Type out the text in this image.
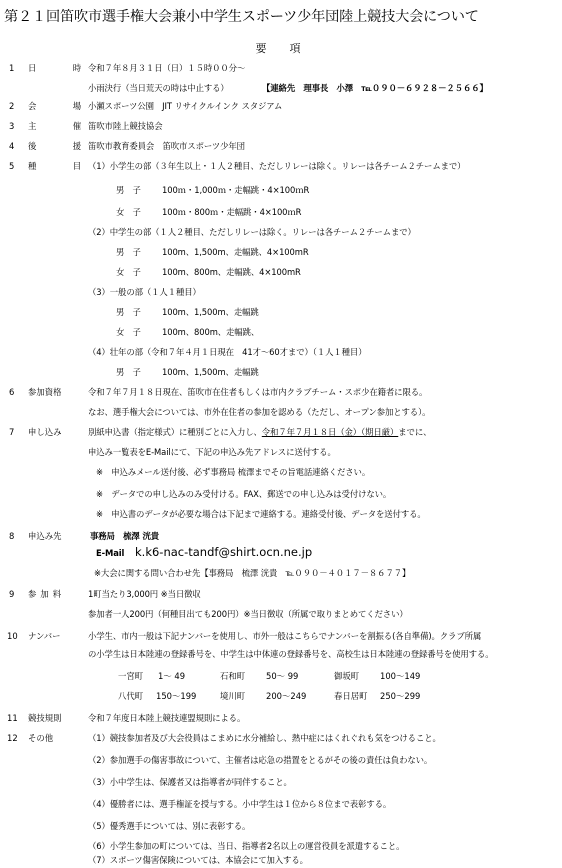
第２１回笛吹市選手権大会兼小中学生スポーツ少年団陸上競技大会について
要　項
1 日　時
令和７年８月３１日（日）１５時００分～
小雨決行（当日荒天の時は中止する）	【連絡先　理事長　小澤　℡０９０－６９２８－２５６６】
2 会　場
小瀬スポーツ公園　JIT リサイクルインク スタジアム
3 主　催
笛吹市陸上競技協会
4 後　援
笛吹市教育委員会　笛吹市スポーツ少年団
5 種　目
（1）小学生の部（３年生以上・１人２種目、ただしリレーは除く。リレーは各チーム２チームまで）
男　子	100ｍ・1,000ｍ・走幅跳・4×100ｍR
女　子	100ｍ・800ｍ・走幅跳・4×100ｍR
（2）中学生の部（１人２種目、ただしリレーは除く。リレーは各チーム２チームまで）
男　子	100m、1,500m、走幅跳、4×100mR
女　子	100m、800m、走幅跳、4×100mR
（3）一般の部（１人１種目）
男　子	100m、1,500m、走幅跳
女　子	100m、800m、走幅跳、
（4）壮年の部（令和７年４月１日現在　41才～60才まで）（１人１種目）
男　子	100m、1,500m、走幅跳
6 参加資格	令和７年７月１８日現在、笛吹市在住者もしくは市内クラブチーム・スポ少在籍者に限る。
なお、選手権大会については、市外在住者の参加を認める（ただし、オープン参加とする）。
7 申し込み	別紙申込書（指定様式）に種別ごとに入力し、令和７年７月１８日（金）（期日厳）までに、
申込み一覧表をE-Mailにて、下記の申込み先アドレスに送付する。
※　申込みメール送付後、必ず事務局 梳澤までその旨電話連絡ください。
※　データでの申し込みのみ受付ける。FAX、郵送での申し込みは受付けない。
※　申込書のデータが必要な場合は下記まで連絡する。連絡受付後、データを送付する。
8 申込み先	事務局　梳澤 洸貴
E-Mail k.k6-nac-tandf@shirt.ocn.ne.jp
※大会に関する問い合わせ先【事務局　梳澤 洸貴　℡０９０－４０１７－８６７７】
9 参加料	1町当たり3,000円 ※当日徴収
参加者一人200円（何種目出ても200円）※当日徴収（所属で取りまとめてください）
10 ナンバー	小学生、市内一般は下記ナンバーを使用し、市外一般はこちらでナンバーを割振る(各自準備)。クラブ所属
の小学生は日本陸連の登録番号を、中学生は中体連の登録番号を、高校生は日本陸連の登録番号を使用する。
一宮町 1～ 49	石和町 50～ 99	御坂町 100～149
八代町 150～199	境川町 200～249	春日居町 250～299
11 競技規則	令和７年度日本陸上競技連盟規則による。
12 その他	（1）競技参加者及び大会役員はこまめに水分補給し、熱中症にはくれぐれも気をつけること。
（2）参加選手の傷害事故について、主催者は応急の措置をとるがその後の責任は負わない。
（3）小中学生は、保護者又は指導者が同伴すること。
（4）優勝者には、選手権証を授与する。小中学生は１位から８位まで表彰する。
（5）優秀選手については、別に表彰する。
（6）小学生参加の町については、当日、指導者2名以上の運営役員を派遣すること。
（7）スポーツ傷害保険については、本協会にて加入する。
